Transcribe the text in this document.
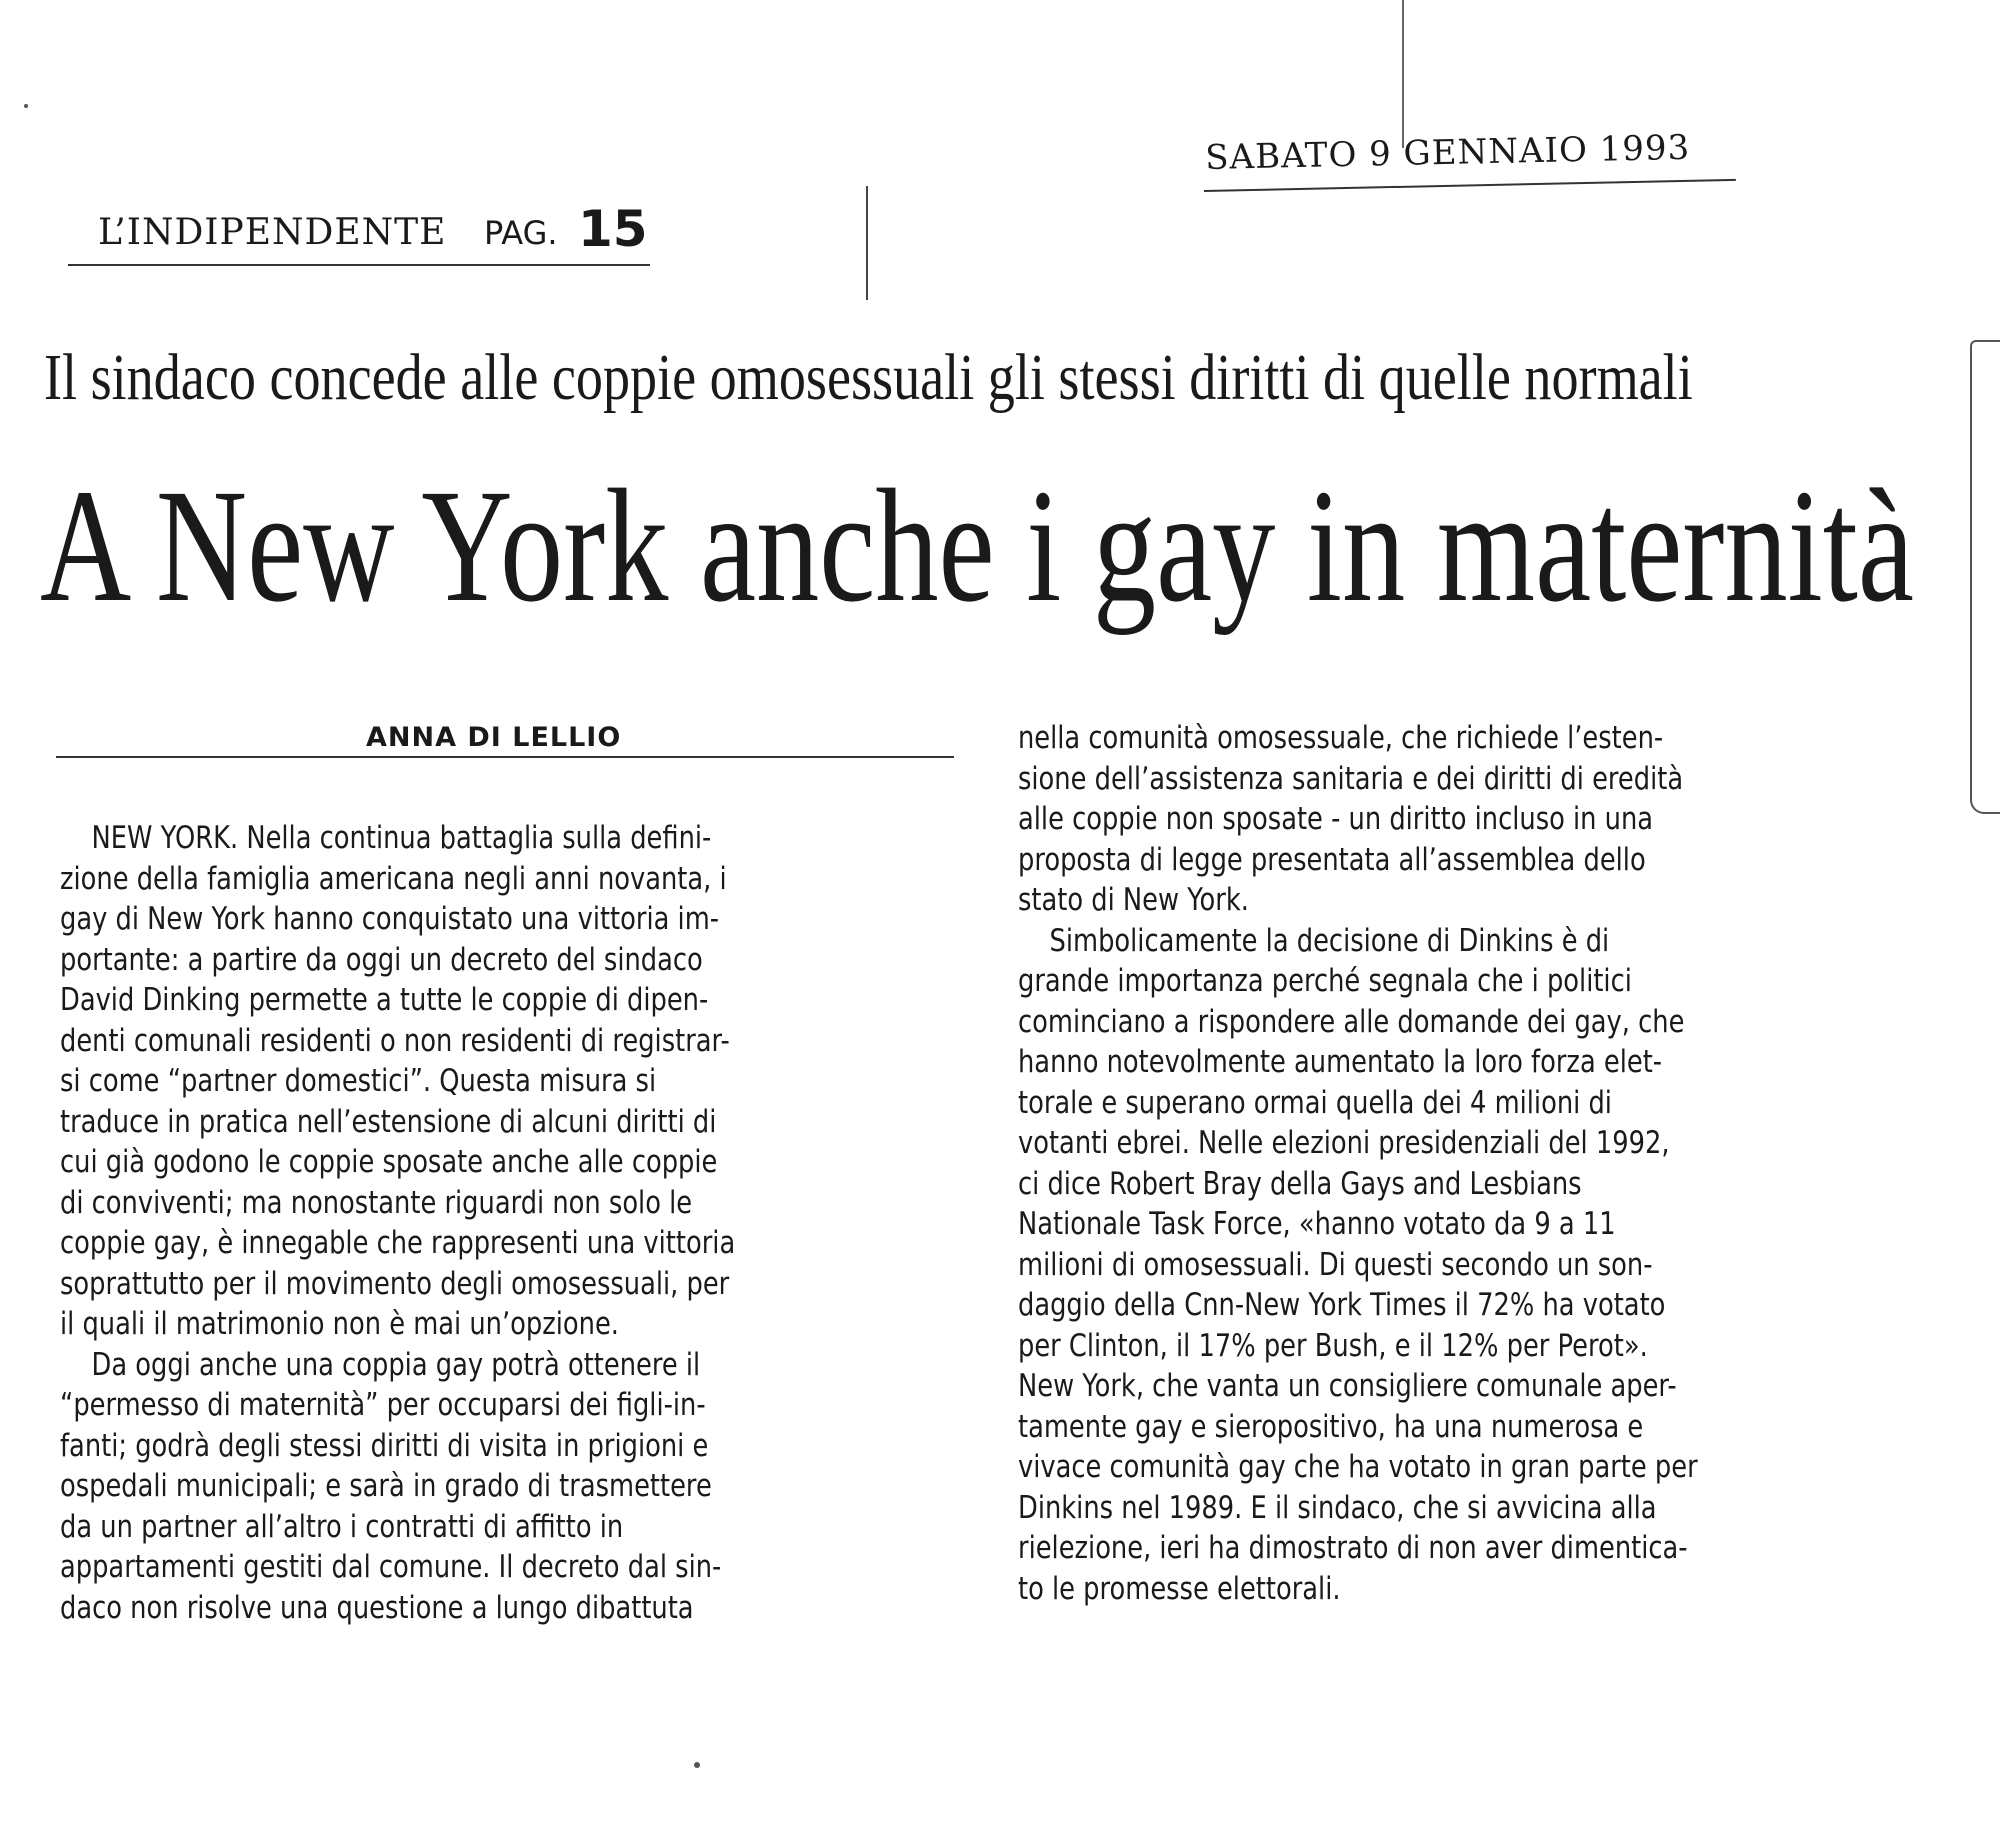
L’INDIPENDENTE PAG. 15
SABATO 9 GENNAIO 1993
Il sindaco concede alle coppie omosessuali gli stessi diritti di quelle normali
A New York anche i gay in maternità
ANNA DI LELLIO

NEW YORK. Nella continua battaglia sulla defini-
zione della famiglia americana negli anni novanta, i
gay di New York hanno conquistato una vittoria im-
portante: a partire da oggi un decreto del sindaco
David Dinking permette a tutte le coppie di dipen-
denti comunali residenti o non residenti di registrar-
si come “partner domestici”. Questa misura si
traduce in pratica nell’estensione di alcuni diritti di
cui già godono le coppie sposate anche alle coppie
di conviventi; ma nonostante riguardi non solo le
coppie gay, è innegable che rappresenti una vittoria
soprattutto per il movimento degli omosessuali, per
il quali il matrimonio non è mai un’opzione.

Da oggi anche una coppia gay potrà ottenere il
“permesso di maternità” per occuparsi dei figli-in-
fanti; godrà degli stessi diritti di visita in prigioni e
ospedali municipali; e sarà in grado di trasmettere
da un partner all’altro i contratti di affitto in
appartamenti gestiti dal comune. Il decreto dal sin-
daco non risolve una questione a lungo dibattuta

nella comunità omosessuale, che richiede l’esten-
sione dell’assistenza sanitaria e dei diritti di eredità
alle coppie non sposate - un diritto incluso in una
proposta di legge presentata all’assemblea dello
stato di New York.

Simbolicamente la decisione di Dinkins è di
grande importanza perché segnala che i politici
cominciano a rispondere alle domande dei gay, che
hanno notevolmente aumentato la loro forza elet-
torale e superano ormai quella dei 4 milioni di
votanti ebrei. Nelle elezioni presidenziali del 1992,
ci dice Robert Bray della Gays and Lesbians
Nationale Task Force, «hanno votato da 9 a 11
milioni di omosessuali. Di questi secondo un son-
daggio della Cnn-New York Times il 72% ha votato
per Clinton, il 17% per Bush, e il 12% per Perot».
New York, che vanta un consigliere comunale aper-
tamente gay e sieropositivo, ha una numerosa e
vivace comunità gay che ha votato in gran parte per
Dinkins nel 1989. E il sindaco, che si avvicina alla
rielezione, ieri ha dimostrato di non aver dimentica-
to le promesse elettorali.
